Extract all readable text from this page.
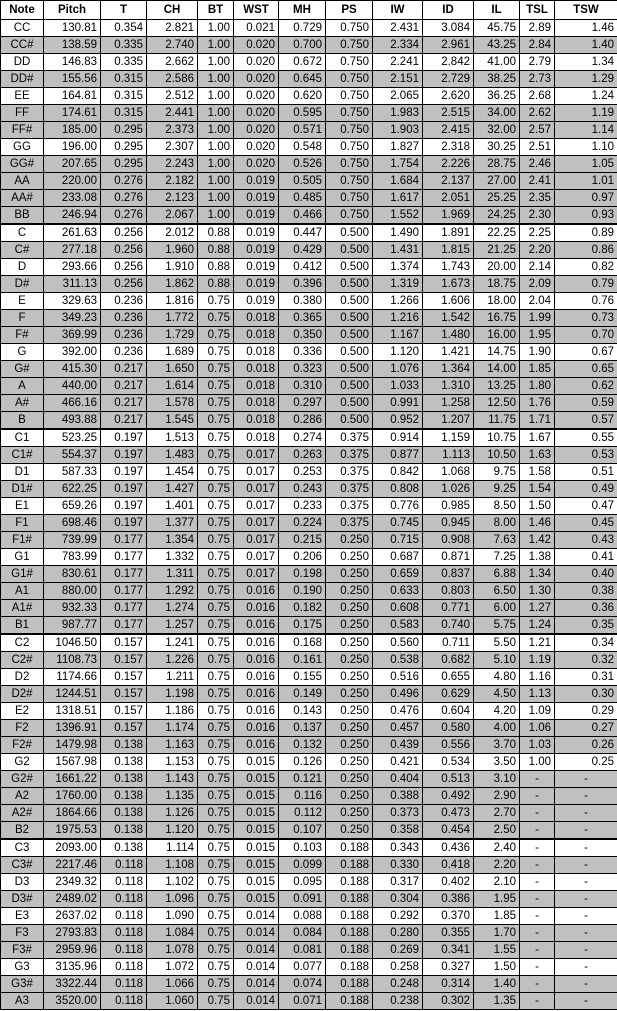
Note	Pitch	T	CH	BT	WST	MH	PS	IW	ID	IL	TSL	TSW
CC	130.81	0.354	2.821	1.00	0.021	0.729	0.750	2.431	3.084	45.75	2.89	1.46
CC#	138.59	0.335	2.740	1.00	0.020	0.700	0.750	2.334	2.961	43.25	2.84	1.40
DD	146.83	0.335	2.662	1.00	0.020	0.672	0.750	2.241	2.842	41.00	2.79	1.34
DD#	155.56	0.315	2.586	1.00	0.020	0.645	0.750	2.151	2.729	38.25	2.73	1.29
EE	164.81	0.315	2.512	1.00	0.020	0.620	0.750	2.065	2.620	36.25	2.68	1.24
FF	174.61	0.315	2.441	1.00	0.020	0.595	0.750	1.983	2.515	34.00	2.62	1.19
FF#	185.00	0.295	2.373	1.00	0.020	0.571	0.750	1.903	2.415	32.00	2.57	1.14
GG	196.00	0.295	2.307	1.00	0.020	0.548	0.750	1.827	2.318	30.25	2.51	1.10
GG#	207.65	0.295	2.243	1.00	0.020	0.526	0.750	1.754	2.226	28.75	2.46	1.05
AA	220.00	0.276	2.182	1.00	0.019	0.505	0.750	1.684	2.137	27.00	2.41	1.01
AA#	233.08	0.276	2.123	1.00	0.019	0.485	0.750	1.617	2.051	25.25	2.35	0.97
BB	246.94	0.276	2.067	1.00	0.019	0.466	0.750	1.552	1.969	24.25	2.30	0.93
C	261.63	0.256	2.012	0.88	0.019	0.447	0.500	1.490	1.891	22.25	2.25	0.89
C#	277.18	0.256	1.960	0.88	0.019	0.429	0.500	1.431	1.815	21.25	2.20	0.86
D	293.66	0.256	1.910	0.88	0.019	0.412	0.500	1.374	1.743	20.00	2.14	0.82
D#	311.13	0.256	1.862	0.88	0.019	0.396	0.500	1.319	1.673	18.75	2.09	0.79
E	329.63	0.236	1.816	0.75	0.019	0.380	0.500	1.266	1.606	18.00	2.04	0.76
F	349.23	0.236	1.772	0.75	0.018	0.365	0.500	1.216	1.542	16.75	1.99	0.73
F#	369.99	0.236	1.729	0.75	0.018	0.350	0.500	1.167	1.480	16.00	1.95	0.70
G	392.00	0.236	1.689	0.75	0.018	0.336	0.500	1.120	1.421	14.75	1.90	0.67
G#	415.30	0.217	1.650	0.75	0.018	0.323	0.500	1.076	1.364	14.00	1.85	0.65
A	440.00	0.217	1.614	0.75	0.018	0.310	0.500	1.033	1.310	13.25	1.80	0.62
A#	466.16	0.217	1.578	0.75	0.018	0.297	0.500	0.991	1.258	12.50	1.76	0.59
B	493.88	0.217	1.545	0.75	0.018	0.286	0.500	0.952	1.207	11.75	1.71	0.57
C1	523.25	0.197	1.513	0.75	0.018	0.274	0.375	0.914	1.159	10.75	1.67	0.55
C1#	554.37	0.197	1.483	0.75	0.017	0.263	0.375	0.877	1.113	10.50	1.63	0.53
D1	587.33	0.197	1.454	0.75	0.017	0.253	0.375	0.842	1.068	9.75	1.58	0.51
D1#	622.25	0.197	1.427	0.75	0.017	0.243	0.375	0.808	1.026	9.25	1.54	0.49
E1	659.26	0.197	1.401	0.75	0.017	0.233	0.375	0.776	0.985	8.50	1.50	0.47
F1	698.46	0.197	1.377	0.75	0.017	0.224	0.375	0.745	0.945	8.00	1.46	0.45
F1#	739.99	0.177	1.354	0.75	0.017	0.215	0.250	0.715	0.908	7.63	1.42	0.43
G1	783.99	0.177	1.332	0.75	0.017	0.206	0.250	0.687	0.871	7.25	1.38	0.41
G1#	830.61	0.177	1.311	0.75	0.017	0.198	0.250	0.659	0.837	6.88	1.34	0.40
A1	880.00	0.177	1.292	0.75	0.016	0.190	0.250	0.633	0.803	6.50	1.30	0.38
A1#	932.33	0.177	1.274	0.75	0.016	0.182	0.250	0.608	0.771	6.00	1.27	0.36
B1	987.77	0.177	1.257	0.75	0.016	0.175	0.250	0.583	0.740	5.75	1.24	0.35
C2	1046.50	0.157	1.241	0.75	0.016	0.168	0.250	0.560	0.711	5.50	1.21	0.34
C2#	1108.73	0.157	1.226	0.75	0.016	0.161	0.250	0.538	0.682	5.10	1.19	0.32
D2	1174.66	0.157	1.211	0.75	0.016	0.155	0.250	0.516	0.655	4.80	1.16	0.31
D2#	1244.51	0.157	1.198	0.75	0.016	0.149	0.250	0.496	0.629	4.50	1.13	0.30
E2	1318.51	0.157	1.186	0.75	0.016	0.143	0.250	0.476	0.604	4.20	1.09	0.29
F2	1396.91	0.157	1.174	0.75	0.016	0.137	0.250	0.457	0.580	4.00	1.06	0.27
F2#	1479.98	0.138	1.163	0.75	0.016	0.132	0.250	0.439	0.556	3.70	1.03	0.26
G2	1567.98	0.138	1.153	0.75	0.015	0.126	0.250	0.421	0.534	3.50	1.00	0.25
G2#	1661.22	0.138	1.143	0.75	0.015	0.121	0.250	0.404	0.513	3.10	-	-
A2	1760.00	0.138	1.135	0.75	0.015	0.116	0.250	0.388	0.492	2.90	-	-
A2#	1864.66	0.138	1.126	0.75	0.015	0.112	0.250	0.373	0.473	2.70	-	-
B2	1975.53	0.138	1.120	0.75	0.015	0.107	0.250	0.358	0.454	2.50	-	-
C3	2093.00	0.138	1.114	0.75	0.015	0.103	0.188	0.343	0.436	2.40	-	-
C3#	2217.46	0.118	1.108	0.75	0.015	0.099	0.188	0.330	0.418	2.20	-	-
D3	2349.32	0.118	1.102	0.75	0.015	0.095	0.188	0.317	0.402	2.10	-	-
D3#	2489.02	0.118	1.096	0.75	0.015	0.091	0.188	0.304	0.386	1.95	-	-
E3	2637.02	0.118	1.090	0.75	0.014	0.088	0.188	0.292	0.370	1.85	-	-
F3	2793.83	0.118	1.084	0.75	0.014	0.084	0.188	0.280	0.355	1.70	-	-
F3#	2959.96	0.118	1.078	0.75	0.014	0.081	0.188	0.269	0.341	1.55	-	-
G3	3135.96	0.118	1.072	0.75	0.014	0.077	0.188	0.258	0.327	1.50	-	-
G3#	3322.44	0.118	1.066	0.75	0.014	0.074	0.188	0.248	0.314	1.40	-	-
A3	3520.00	0.118	1.060	0.75	0.014	0.071	0.188	0.238	0.302	1.35	-	-
